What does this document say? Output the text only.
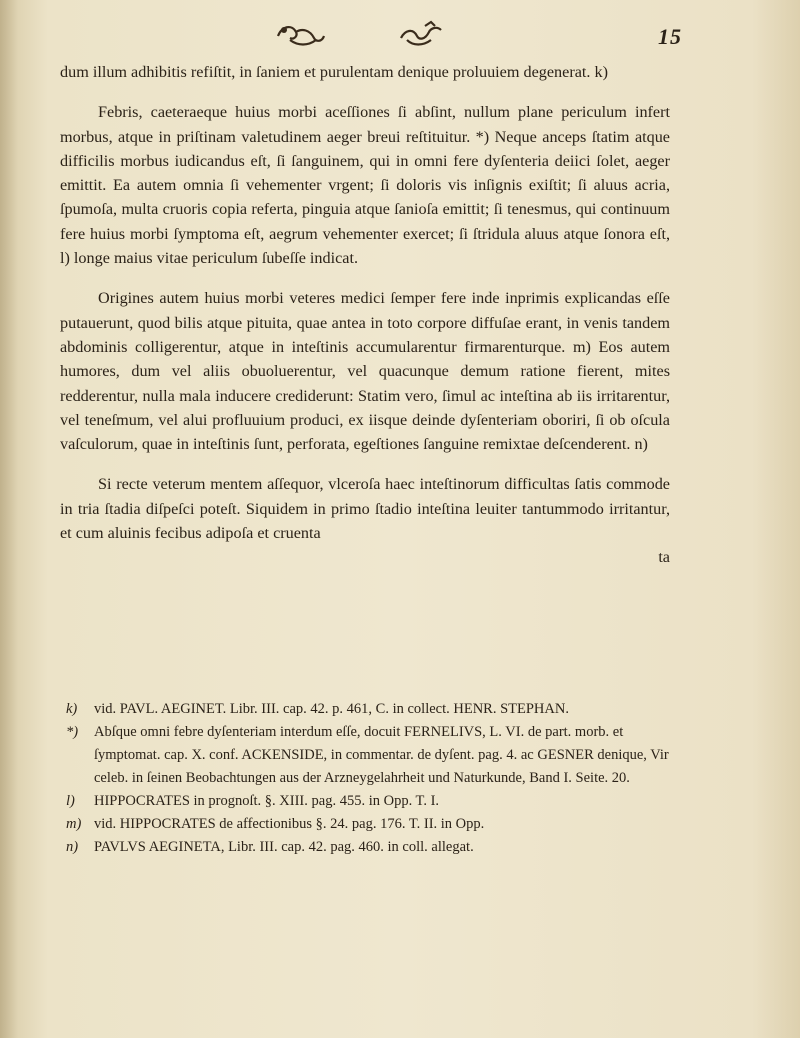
15

dum illum adhibitis refiſtit, in ſaniem et purulentam denique proluuiem degenerat. k)

Febris, caeteraeque huius morbi aceſſiones ſi abſint, nullum plane periculum infert morbus, atque in priſtinam valetudinem aeger breui reſtituitur. *) Neque anceps ſtatim atque difficilis morbus iudicandus eſt, ſi ſanguinem, qui in omni fere dyſenteria deiici ſolet, aeger emittit. Ea autem omnia ſi vehementer vrgent; ſi doloris vis inſignis exiſtit; ſi aluus acria, ſpumoſa, multa cruoris copia referta, pinguia atque ſanioſa emittit; ſi tenesmus, qui continuum fere huius morbi ſymptoma eſt, aegrum vehementer exercet; ſi ſtridula aluus atque ſonora eſt, l) longe maius vitae periculum ſubeſſe indicat.

Origines autem huius morbi veteres medici ſemper fere inde inprimis explicandas eſſe putauerunt, quod bilis atque pituita, quae antea in toto corpore diffuſae erant, in venis tandem abdominis colligerentur, atque in inteſtinis accumularentur firmarenturque. m) Eos autem humores, dum vel aliis obuoluerentur, vel quacunque demum ratione fierent, mites redderentur, nulla mala inducere crediderunt: Statim vero, ſimul ac inteſtina ab iis irritarentur, vel teneſmum, vel alui profluuium produci, ex iisque deinde dyſenteriam oboriri, ſi ob oſcula vaſculorum, quae in inteſtinis ſunt, perforata, egeſtiones ſanguine remixtae deſcenderent. n)

Si recte veterum mentem aſſequor, vlceroſa haec inteſtinorum difficultas ſatis commode in tria ſtadia diſpeſci poteſt. Siquidem in primo ſtadio inteſtina leuiter tantummodo irritantur, et cum aluinis fecibus adipoſa et cruenta

ta
k)	vid. PAVL. AEGINET. Libr. III. cap. 42. p. 461, C. in collect. HENR. STEPHAN.
*)	Abſque omni febre dyſenteriam interdum eſſe, docuit FERNELIVS, L. VI. de part. morb. et ſymptomat. cap. X. conf. ACKENSIDE, in commentar. de dyſent. pag. 4. ac GESNER denique, Vir celeb. in ſeinen Beobachtungen aus der Arzneygelahrheit und Naturkunde, Band I. Seite. 20.
l)	HIPPOCRATES in prognoſt. §. XIII. pag. 455. in Opp. T. I.
m) vid. HIPPOCRATES de affectionibus §. 24. pag. 176. T. II. in Opp.
n)	PAVLVS AEGINETA, Libr. III. cap. 42. pag. 460. in coll. allegat.
